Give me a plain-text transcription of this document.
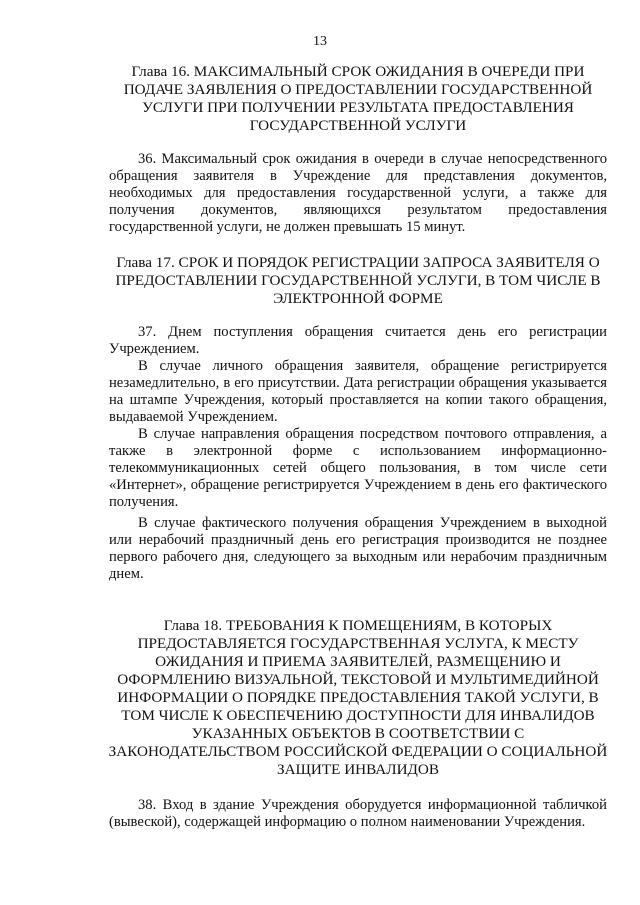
13
Глава 16. МАКСИМАЛЬНЫЙ СРОК ОЖИДАНИЯ В ОЧЕРЕДИ ПРИ ПОДАЧЕ ЗАЯВЛЕНИЯ О ПРЕДОСТАВЛЕНИИ ГОСУДАРСТВЕННОЙ УСЛУГИ ПРИ ПОЛУЧЕНИИ РЕЗУЛЬТАТА ПРЕДОСТАВЛЕНИЯ ГОСУДАРСТВЕННОЙ УСЛУГИ

36. Максимальный срок ожидания в очереди в случае непосредственного обращения заявителя в Учреждение для представления документов, необходимых для предоставления государственной услуги, а также для получения документов, являющихся результатом предоставления государственной услуги, не должен превышать 15 минут.

Глава 17. СРОК И ПОРЯДОК РЕГИСТРАЦИИ ЗАПРОСА ЗАЯВИТЕЛЯ О ПРЕДОСТАВЛЕНИИ ГОСУДАРСТВЕННОЙ УСЛУГИ, В ТОМ ЧИСЛЕ В ЭЛЕКТРОННОЙ ФОРМЕ

37. Днем поступления обращения считается день его регистрации Учреждением.

В случае личного обращения заявителя, обращение регистрируется незамедлительно, в его присутствии. Дата регистрации обращения указывается на штампе Учреждения, который проставляется на копии такого обращения, выдаваемой Учреждением.

В случае направления обращения посредством почтового отправления, а также в электронной форме с использованием информационно-телекоммуникационных сетей общего пользования, в том числе сети «Интернет», обращение регистрируется Учреждением в день его фактического получения.

В случае фактического получения обращения Учреждением в выходной или нерабочий праздничный день его регистрация производится не позднее первого рабочего дня, следующего за выходным или нерабочим праздничным днем.

Глава 18. ТРЕБОВАНИЯ К ПОМЕЩЕНИЯМ, В КОТОРЫХ ПРЕДОСТАВЛЯЕТСЯ ГОСУДАРСТВЕННАЯ УСЛУГА, К МЕСТУ ОЖИДАНИЯ И ПРИЕМА ЗАЯВИТЕЛЕЙ, РАЗМЕЩЕНИЮ И ОФОРМЛЕНИЮ ВИЗУАЛЬНОЙ, ТЕКСТОВОЙ И МУЛЬТИМЕДИЙНОЙ ИНФОРМАЦИИ О ПОРЯДКЕ ПРЕДОСТАВЛЕНИЯ ТАКОЙ УСЛУГИ, В ТОМ ЧИСЛЕ К ОБЕСПЕЧЕНИЮ ДОСТУПНОСТИ ДЛЯ ИНВАЛИДОВ УКАЗАННЫХ ОБЪЕКТОВ В СООТВЕТСТВИИ С ЗАКОНОДАТЕЛЬСТВОМ РОССИЙСКОЙ ФЕДЕРАЦИИ О СОЦИАЛЬНОЙ ЗАЩИТЕ ИНВАЛИДОВ

38. Вход в здание Учреждения оборудуется информационной табличкой (вывеской), содержащей информацию о полном наименовании Учреждения.
